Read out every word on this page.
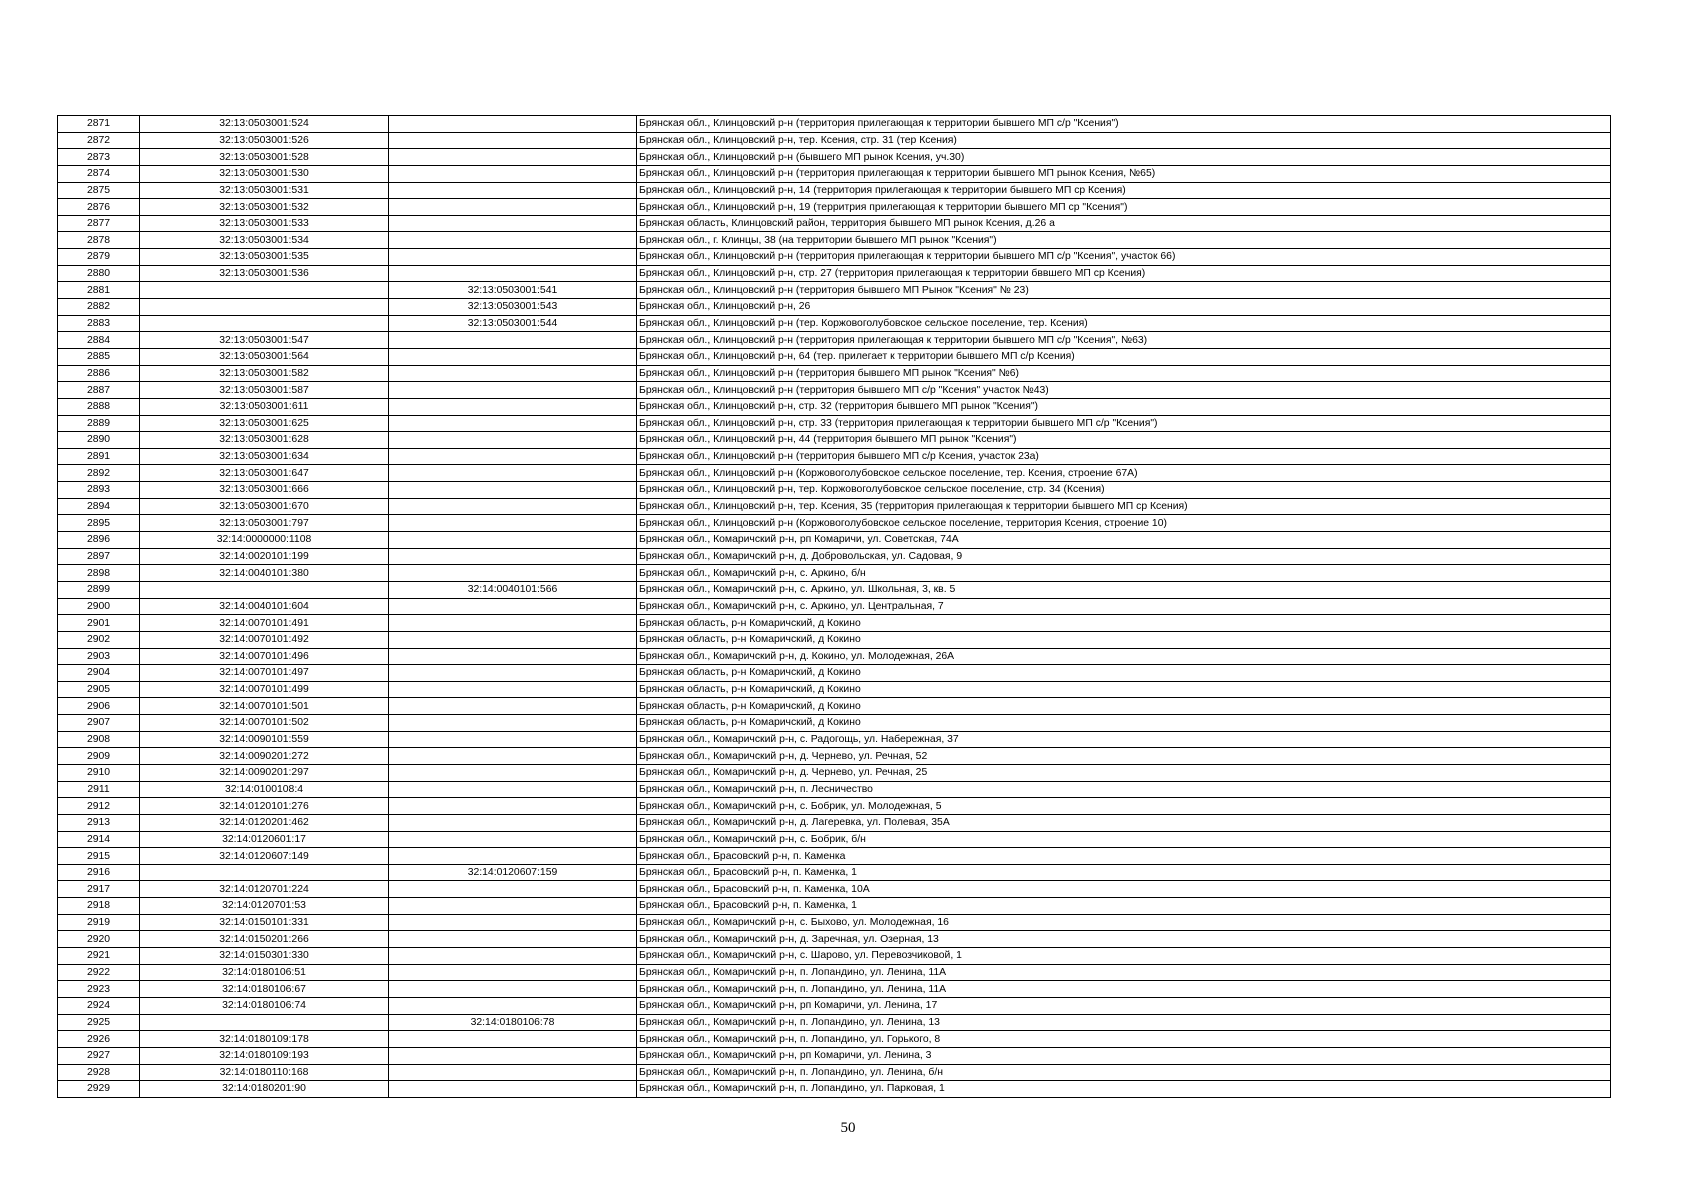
2871	32:13:0503001:524		Брянская обл., Клинцовский р-н (территория прилегающая к территории бывшего МП с/р "Ксения")
2872	32:13:0503001:526		Брянская обл., Клинцовский р-н, тер. Ксения, стр. 31 (тер Ксения)
2873	32:13:0503001:528		Брянская обл., Клинцовский р-н (бывшего МП рынок Ксения, уч.30)
2874	32:13:0503001:530		Брянская обл., Клинцовский р-н (территория прилегающая к территории бывшего МП рынок Ксения, №65)
2875	32:13:0503001:531		Брянская обл., Клинцовский р-н, 14 (территория прилегающая к территории бывшего МП ср Ксения)
2876	32:13:0503001:532		Брянская обл., Клинцовский р-н, 19 (территрия прилегающая к территории бывшего МП ср "Ксения")
2877	32:13:0503001:533		Брянская область, Клинцовский район, территория бывшего МП рынок Ксения, д.26 а
2878	32:13:0503001:534		Брянская обл., г. Клинцы, 38 (на территории бывшего МП рынок "Ксения")
2879	32:13:0503001:535		Брянская обл., Клинцовский р-н (территория прилегающая к территории бывшего МП с/р "Ксения", участок 66)
2880	32:13:0503001:536		Брянская обл., Клинцовский р-н, стр. 27 (территория прилегающая к территории бввшего МП ср Ксения)
2881		32:13:0503001:541	Брянская обл., Клинцовский р-н (территория бывшего МП Рынок "Ксения" № 23)
2882		32:13:0503001:543	Брянская обл., Клинцовский р-н, 26
2883		32:13:0503001:544	Брянская обл., Клинцовский р-н (тер. Коржовоголубовское сельское поселение, тер. Ксения)
2884	32:13:0503001:547		Брянская обл., Клинцовский р-н (территория прилегающая к территории бывшего МП с/р "Ксения", №63)
2885	32:13:0503001:564		Брянская обл., Клинцовский р-н, 64 (тер. прилегает к территории бывшего МП с/р Ксения)
2886	32:13:0503001:582		Брянская обл., Клинцовский р-н (территория бывшего МП рынок "Ксения" №6)
2887	32:13:0503001:587		Брянская обл., Клинцовский р-н (территория бывшего МП с/р "Ксения" участок №43)
2888	32:13:0503001:611		Брянская обл., Клинцовский р-н, стр. 32 (территория бывшего МП рынок "Ксения")
2889	32:13:0503001:625		Брянская обл., Клинцовский р-н, стр. 33 (территория прилегающая к территории бывшего МП с/р "Ксения")
2890	32:13:0503001:628		Брянская обл., Клинцовский р-н, 44 (территория бывшего МП рынок "Ксения")
2891	32:13:0503001:634		Брянская обл., Клинцовский р-н (территория бывшего МП с/р Ксения, участок 23а)
2892	32:13:0503001:647		Брянская обл., Клинцовский р-н (Коржовоголубовское сельское поселение, тер. Ксения, строение 67А)
2893	32:13:0503001:666		Брянская обл., Клинцовский р-н, тер. Коржовоголубовское сельское поселение, стр. 34 (Ксения)
2894	32:13:0503001:670		Брянская обл., Клинцовский р-н, тер. Ксения, 35 (территория прилегающая к территории бывшего МП ср Ксения)
2895	32:13:0503001:797		Брянская обл., Клинцовский р-н (Коржовоголубовское сельское поселение, территория Ксения, строение 10)
2896	32:14:0000000:1108		Брянская обл., Комаричский р-н, рп Комаричи, ул. Советская, 74А
2897	32:14:0020101:199		Брянская обл., Комаричский р-н, д. Добровольская, ул. Садовая, 9
2898	32:14:0040101:380		Брянская обл., Комаричский р-н, с. Аркино, б/н
2899		32:14:0040101:566	Брянская обл., Комаричский р-н, с. Аркино, ул. Школьная, 3, кв. 5
2900	32:14:0040101:604		Брянская обл., Комаричский р-н, с. Аркино, ул. Центральная, 7
2901	32:14:0070101:491		Брянская область, р-н Комаричский, д Кокино
2902	32:14:0070101:492		Брянская область, р-н Комаричский, д Кокино
2903	32:14:0070101:496		Брянская обл., Комаричский р-н, д. Кокино, ул. Молодежная, 26А
2904	32:14:0070101:497		Брянская область, р-н Комаричский, д Кокино
2905	32:14:0070101:499		Брянская область, р-н Комаричский, д Кокино
2906	32:14:0070101:501		Брянская область, р-н Комаричский, д Кокино
2907	32:14:0070101:502		Брянская область, р-н Комаричский, д Кокино
2908	32:14:0090101:559		Брянская обл., Комаричский р-н, с. Радогощь, ул. Набережная, 37
2909	32:14:0090201:272		Брянская обл., Комаричский р-н, д. Чернево, ул. Речная, 52
2910	32:14:0090201:297		Брянская обл., Комаричский р-н, д. Чернево, ул. Речная, 25
2911	32:14:0100108:4		Брянская обл., Комаричский р-н, п. Лесничество
2912	32:14:0120101:276		Брянская обл., Комаричский р-н, с. Бобрик, ул. Молодежная, 5
2913	32:14:0120201:462		Брянская обл., Комаричский р-н, д. Лагеревка, ул. Полевая, 35А
2914	32:14:0120601:17		Брянская обл., Комаричский р-н, с. Бобрик, б/н
2915	32:14:0120607:149		Брянская обл., Брасовский р-н, п. Каменка
2916		32:14:0120607:159	Брянская обл., Брасовский р-н, п. Каменка, 1
2917	32:14:0120701:224		Брянская обл., Брасовский р-н, п. Каменка, 10А
2918	32:14:0120701:53		Брянская обл., Брасовский р-н, п. Каменка, 1
2919	32:14:0150101:331		Брянская обл., Комаричский р-н, с. Быхово, ул. Молодежная, 16
2920	32:14:0150201:266		Брянская обл., Комаричский р-н, д. Заречная, ул. Озерная, 13
2921	32:14:0150301:330		Брянская обл., Комаричский р-н, с. Шарово, ул. Перевозчиковой, 1
2922	32:14:0180106:51		Брянская обл., Комаричский р-н, п. Лопандино, ул. Ленина, 11А
2923	32:14:0180106:67		Брянская обл., Комаричский р-н, п. Лопандино, ул. Ленина, 11А
2924	32:14:0180106:74		Брянская обл., Комаричский р-н, рп Комаричи, ул. Ленина, 17
2925		32:14:0180106:78	Брянская обл., Комаричский р-н, п. Лопандино, ул. Ленина, 13
2926	32:14:0180109:178		Брянская обл., Комаричский р-н, п. Лопандино, ул. Горького, 8
2927	32:14:0180109:193		Брянская обл., Комаричский р-н, рп Комаричи, ул. Ленина, 3
2928	32:14:0180110:168		Брянская обл., Комаричский р-н, п. Лопандино, ул. Ленина, б/н
2929	32:14:0180201:90		Брянская обл., Комаричский р-н, п. Лопандино, ул. Парковая, 1
50
